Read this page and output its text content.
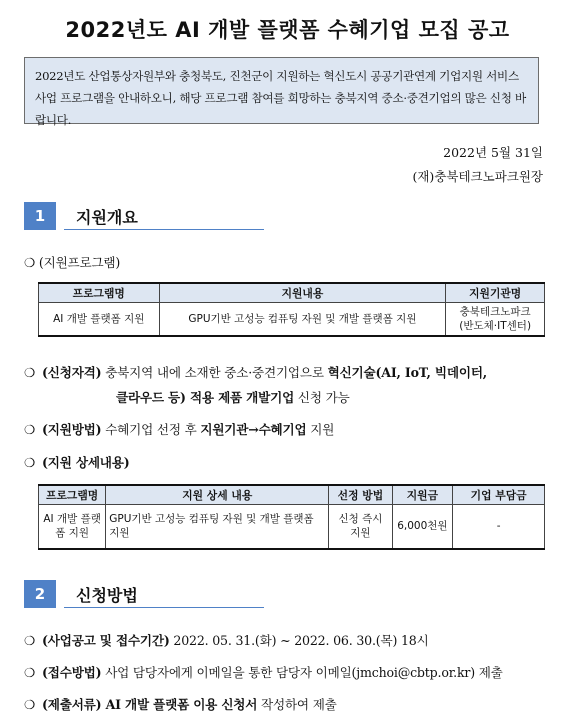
2022년도 AI 개발 플랫폼 수혜기업 모집 공고
2022년도 산업통상자원부와 충청북도, 진천군이 지원하는 혁신도시 공공기관연계 기업지원 서비스사업 프로그램을 안내하오니, 해당 프로그램 참여를 희망하는 충북지역 중소·중견기업의 많은 신청 바랍니다.
2022년 5월 31일
(재)충북테크노파크원장
1	지원개요
❍ (지원프로그램)
프로그램명	지원내용	지원기관명
AI 개발 플랫폼 지원	GPU기반 고성능 컴퓨팅 자원 및 개발 플랫폼 지원	충북테크노파크
(반도체·IT센터)
❍ (신청자격) 충북지역 내에 소재한 중소·중견기업으로 혁신기술(AI, IoT, 빅데이터,
클라우드 등) 적용 제품 개발기업 신청 가능
❍ (지원방법) 수혜기업 선정 후 지원기관→수혜기업 지원
❍ (지원 상세내용)
프로그램명	지원 상세 내용	선정 방법	지원금	기업 부담금
AI 개발 플랫폼 지원	GPU기반 고성능 컴퓨팅 자원 및 개발 플랫폼 지원	신청 즉시 지원	6,000천원	-
2	신청방법
❍ (사업공고 및 접수기간) 2022. 05. 31.(화) ~ 2022. 06. 30.(목) 18시
❍ (접수방법) 사업 담당자에게 이메일을 통한 담당자 이메일(jmchoi@cbtp.or.kr) 제출
❍ (제출서류) AI 개발 플랫폼 이용 신청서 작성하여 제출
